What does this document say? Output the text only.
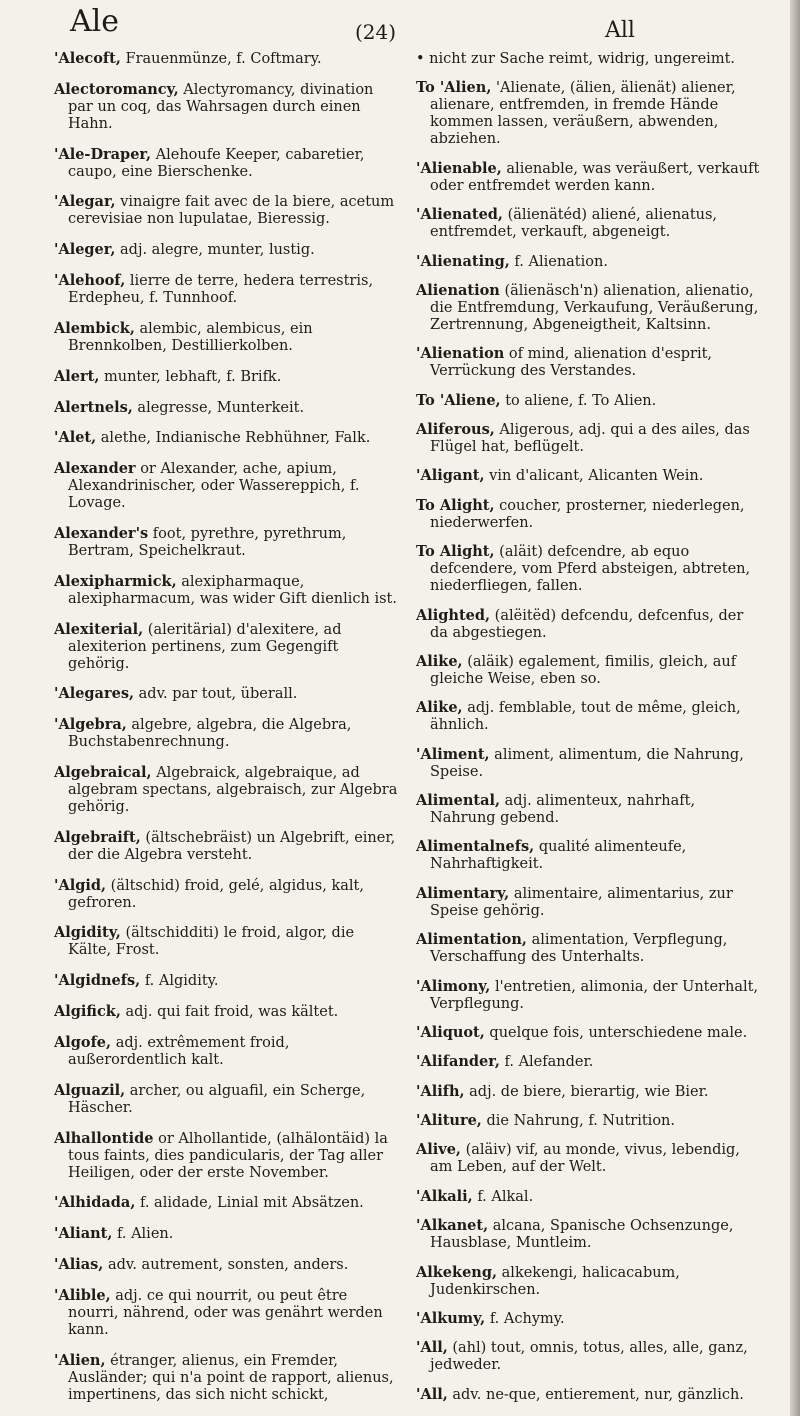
Ale	(24)	All
'Alecoft, Frauenmünze, f. Coftmary.
Alectoromancy, Alectyromancy, divination par un coq, das Wahrsagen durch einen Hahn.
'Ale-Draper, Alehoufe Keeper, cabaretier, caupo, eine Bierschenke.
'Alegar, vinaigre fait avec de la biere, acetum cerevisiae non lupulatae, Bieressig.
'Aleger, adj. alegre, munter, lustig.
'Alehoof, lierre de terre, hedera terrestris, Erdepheu, f. Tunnhoof.
Alembick, alembic, alembicus, ein Brennkolben, Destillierkolben.
Alert, munter, lebhaft, f. Brifk.
Alertnels, alegresse, Munterkeit.
'Alet, alethe, Indianische Rebhühner, Falk.
Alexander or Alexander, ache, apium, Alexandrinischer, oder Wassereppich, f. Lovage.
Alexander's foot, pyrethre, pyrethrum, Bertram, Speichelkraut.
Alexipharmick, alexipharmaque, alexipharmacum, was wider Gift dienlich ist.
Alexiterial, (aleritärial) d'alexitere, ad alexiterion pertinens, zum Gegengift gehörig.
'Alegares, adv. par tout, überall.
'Algebra, algebre, algebra, die Algebra, Buchstabenrechnung.
Algebraical, Algebraick, algebraique, ad algebram spectans, algebraisch, zur Algebra gehörig.
Algebraift, (ältschebräist) un Algebrift, einer, der die Algebra versteht.
'Algid, (ältschid) froid, gelé, algidus, kalt, gefroren.
Algidity, (ältschidditi) le froid, algor, die Kälte, Frost.
'Algidnefs, f. Algidity.
Algifick, adj. qui fait froid, was kältet.
Algofe, adj. extrêmement froid, außerordentlich kalt.
Alguazil, archer, ou alguafil, ein Scherge, Häscher.
Alhallontide or Alhollantide, (alhälontäid) la tous faints, dies pandicularis, der Tag aller Heiligen, oder der erste November.
'Alhidada, f. alidade, Linial mit Absätzen.
'Aliant, f. Alien.
'Alias, adv. autrement, sonsten, anders.
'Alible, adj. ce qui nourrit, ou peut être nourri, nährend, oder was genährt werden kann.
'Alien, étranger, alienus, ein Fremder, Ausländer; qui n'a point de rapport, alienus, impertinens, das sich nicht schickt,
• nicht zur Sache reimt, widrig, ungereimt.
To 'Alien, 'Alienate, (älien, älienät) aliener, alienare, entfremden, in fremde Hände kommen lassen, veräußern, abwenden, abziehen.
'Alienable, alienable, was veräußert, verkauft oder entfremdet werden kann.
'Alienated, (älienätéd) aliené, alienatus, entfremdet, verkauft, abgeneigt.
'Alienating, f. Alienation.
Alienation (älienäsch'n) alienation, alienatio, die Entfremdung, Verkaufung, Veräußerung, Zertrennung, Abgeneigtheit, Kaltsinn.
'Alienation of mind, alienation d'esprit, Verrückung des Verstandes.
To 'Aliene, to aliene, f. To Alien.
Aliferous, Aligerous, adj. qui a des ailes, das Flügel hat, beflügelt.
'Aligant, vin d'alicant, Alicanten Wein.
To Alight, coucher, prosterner, niederlegen, niederwerfen.
To Alight, (aläit) defcendre, ab equo defcendere, vom Pferd absteigen, abtreten, niederfliegen, fallen.
Alighted, (alëitëd) defcendu, defcenfus, der da abgestiegen.
Alike, (aläik) egalement, fimilis, gleich, auf gleiche Weise, eben so.
Alike, adj. femblable, tout de même, gleich, ähnlich.
'Aliment, aliment, alimentum, die Nahrung, Speise.
Alimental, adj. alimenteux, nahrhaft, Nahrung gebend.
Alimentalnefs, qualité alimenteufe, Nahrhaftigkeit.
Alimentary, alimentaire, alimentarius, zur Speise gehörig.
Alimentation, alimentation, Verpflegung, Verschaffung des Unterhalts.
'Alimony, l'entretien, alimonia, der Unterhalt, Verpflegung.
'Aliquot, quelque fois, unterschiedene male.
'Alifander, f. Alefander.
'Alifh, adj. de biere, bierartig, wie Bier.
'Aliture, die Nahrung, f. Nutrition.
Alive, (aläiv) vif, au monde, vivus, lebendig, am Leben, auf der Welt.
'Alkali, f. Alkal.
'Alkanet, alcana, Spanische Ochsenzunge, Hausblase, Muntleim.
Alkekeng, alkekengi, halicacabum, Judenkirschen.
'Alkumy, f. Achymy.
'All, (ahl) tout, omnis, totus, alles, alle, ganz, jedweder.
'All, adv. ne-que, entierement, nur, gänzlich.
